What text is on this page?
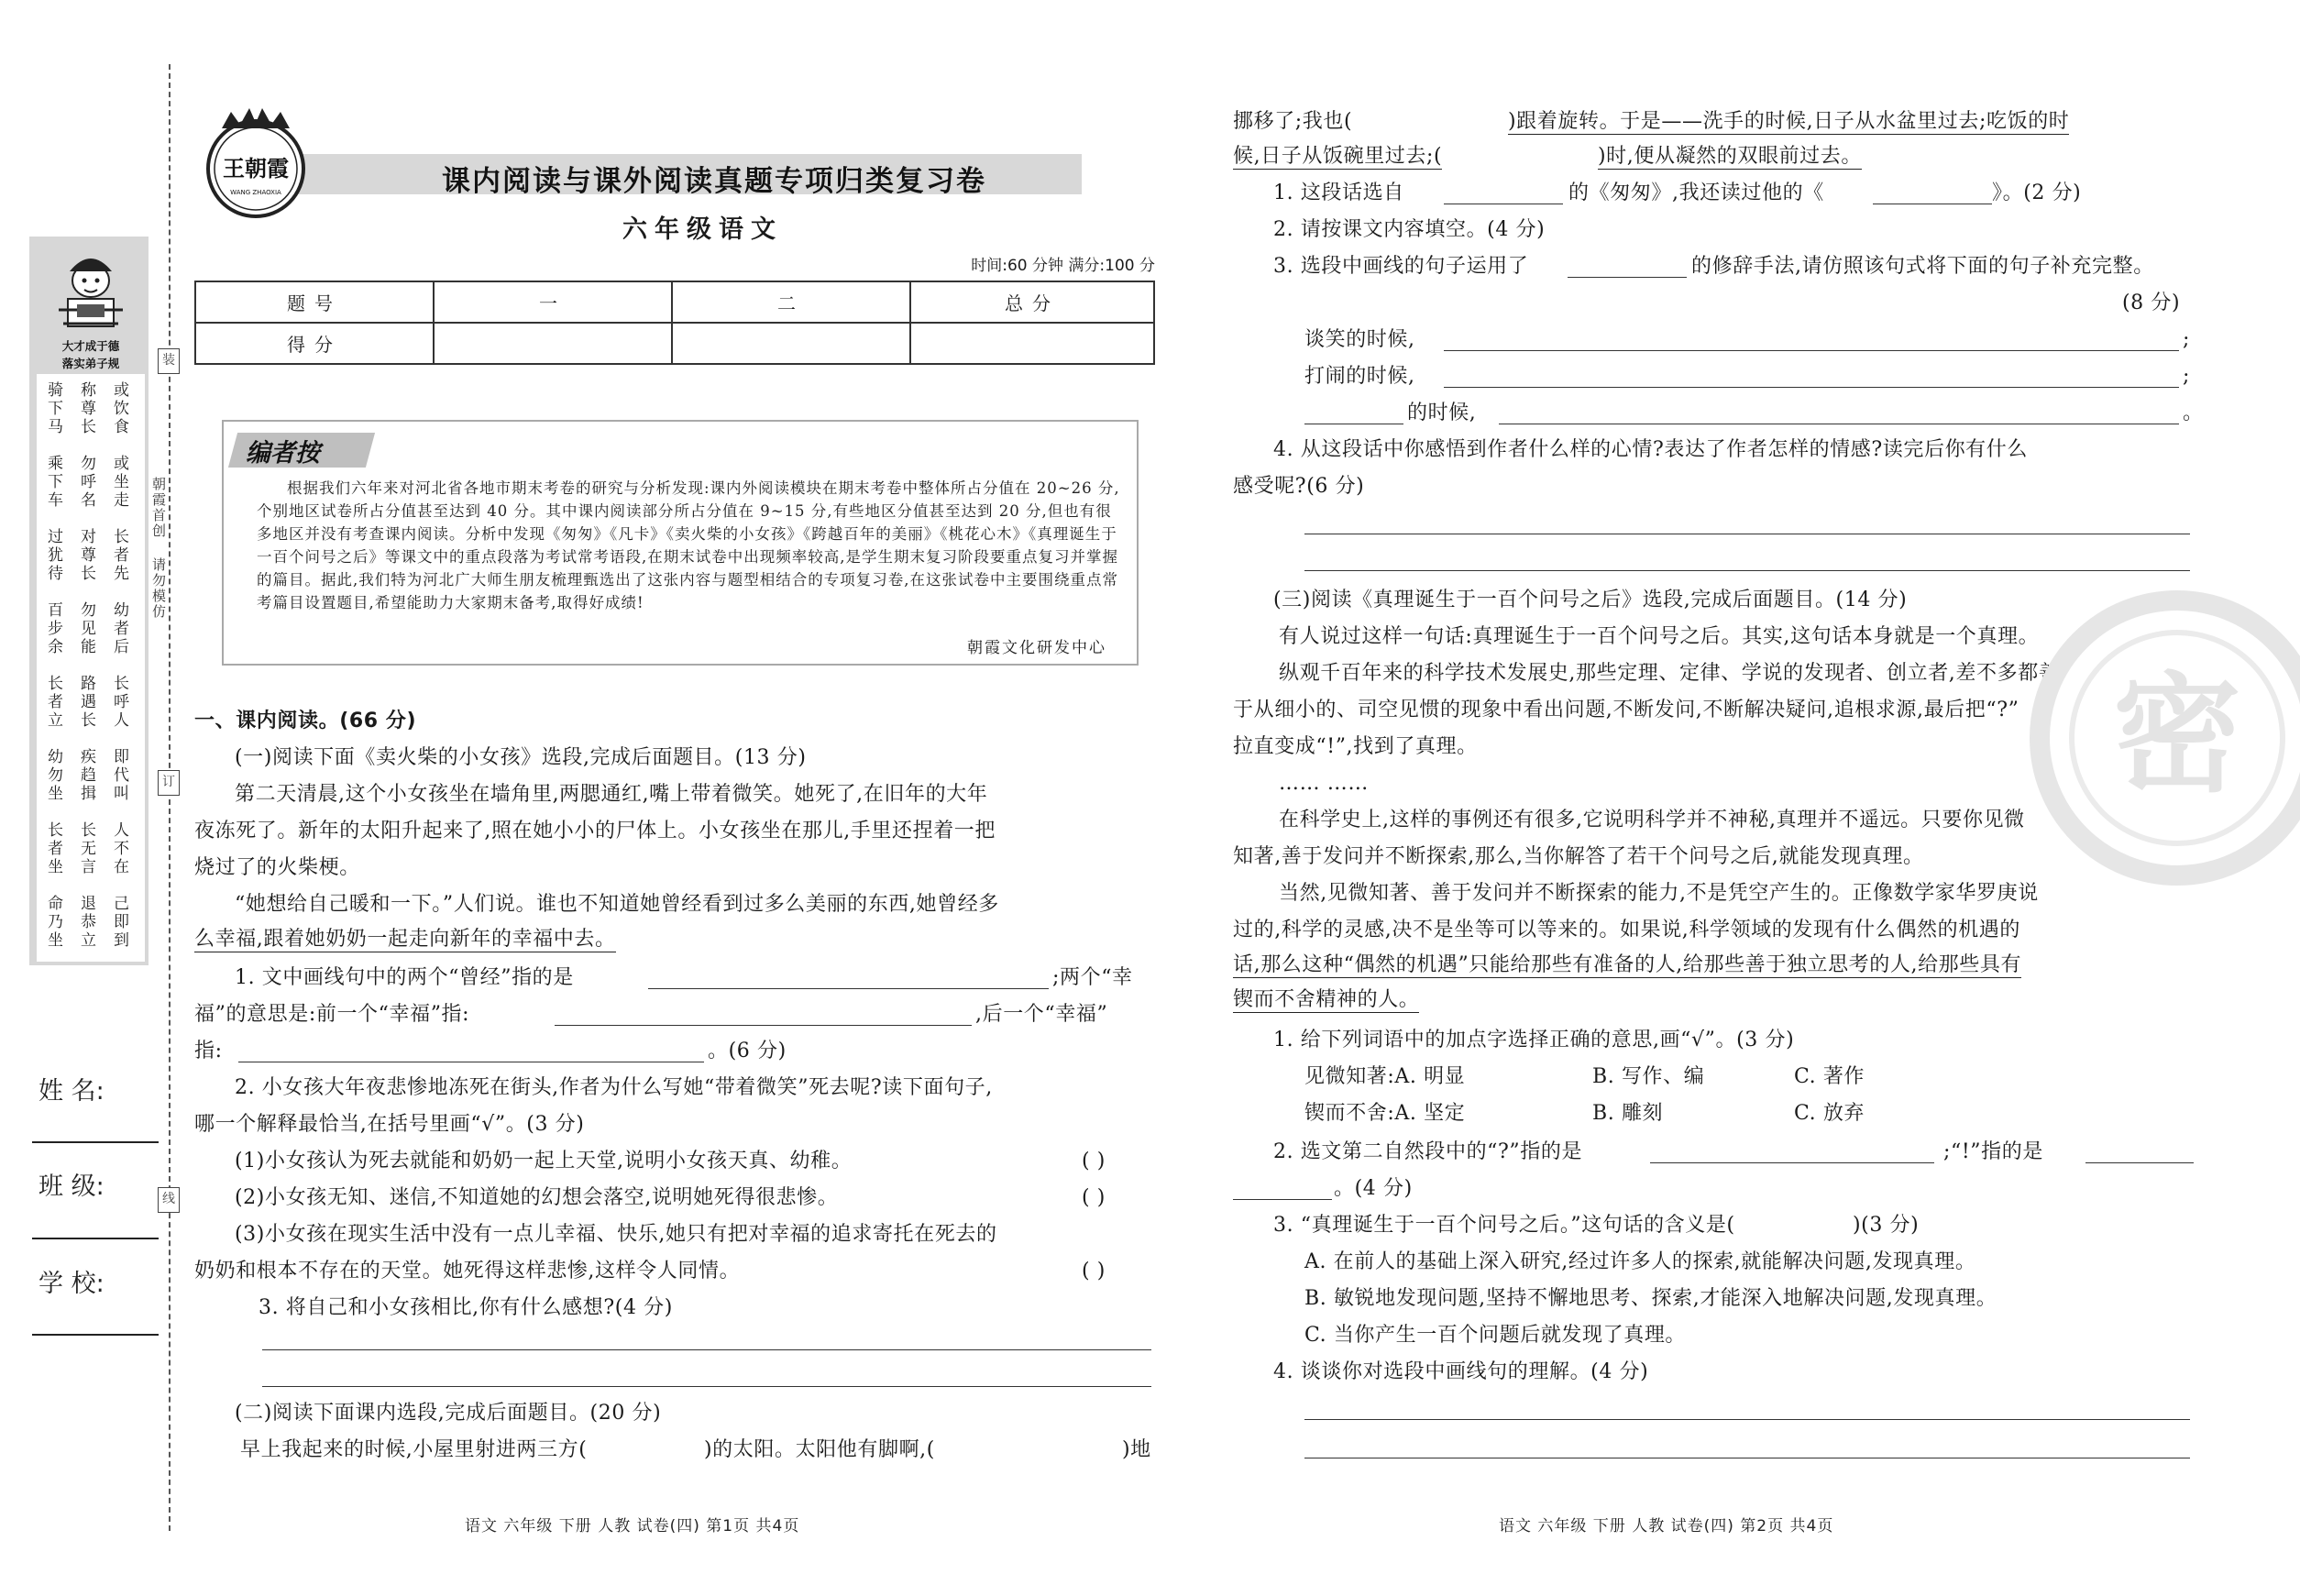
装
订
线
大才成于德
落实弟子规
或饮食
称尊长
骑下马
或坐走
勿呼名
乘下车
长者先
对尊长
过犹待
幼者后
勿见能
百步余
长呼人
路遇长
长者立
即代叫
疾趋揖
幼勿坐
人不在
长无言
长者坐
己即到
退恭立
命乃坐
朝霞首创 请勿模仿
姓 名:
班 级:
学 校:
王朝霞
WANG ZHAOXIA	课内阅读与课外阅读真题专项归类复习卷
六年级语文
时间:60 分钟 满分:100 分
题号	一	二	总分
得分			
编者按
根据我们六年来对河北省各地市期末考卷的研究与分析发现:课内外阅读模块在期末考卷中整体所占分值在 20~26 分,个别地区试卷所占分值甚至达到 40 分。其中课内阅读部分所占分值在 9~15 分,有些地区分值甚至达到 20 分,但也有很多地区并没有考查课内阅读。分析中发现《匆匆》《凡卡》《卖火柴的小女孩》《跨越百年的美丽》《桃花心木》《真理诞生于一百个问号之后》等课文中的重点段落为考试常考语段,在期末试卷中出现频率较高,是学生期末复习阶段要重点复习并掌握的篇目。据此,我们特为河北广大师生朋友梳理甄选出了这张内容与题型相结合的专项复习卷,在这张试卷中主要围绕重点常考篇目设置题目,希望能助力大家期末备考,取得好成绩!
朝霞文化研发中心
一、课内阅读。(66 分)
(一)阅读下面《卖火柴的小女孩》选段,完成后面题目。(13 分)
第二天清晨,这个小女孩坐在墙角里,两腮通红,嘴上带着微笑。她死了,在旧年的大年
夜冻死了。新年的太阳升起来了,照在她小小的尸体上。小女孩坐在那儿,手里还捏着一把
烧过了的火柴梗。
“她想给自己暖和一下。”人们说。谁也不知道她曾经看到过多么美丽的东西,她曾经多
么幸福,跟着她奶奶一起走向新年的幸福中去。
1. 文中画线句中的两个“曾经”指的是	;两个“幸
福”的意思是:前一个“幸福”指:	,后一个“幸福”
指:	。(6 分)
2. 小女孩大年夜悲惨地冻死在街头,作者为什么写她“带着微笑”死去呢?读下面句子,
哪一个解释最恰当,在括号里画“√”。(3 分)
(1)小女孩认为死去就能和奶奶一起上天堂,说明小女孩天真、幼稚。	( )
(2)小女孩无知、迷信,不知道她的幻想会落空,说明她死得很悲惨。	( )
(3)小女孩在现实生活中没有一点儿幸福、快乐,她只有把对幸福的追求寄托在死去的
奶奶和根本不存在的天堂。她死得这样悲惨,这样令人同情。	( )
3. 将自己和小女孩相比,你有什么感想?(4 分)
(二)阅读下面课内选段,完成后面题目。(20 分)
早上我起来的时候,小屋里射进两三方(	)的太阳。太阳他有脚啊,(	)地
语文 六年级 下册 人教 试卷(四) 第1页 共4页
挪移了;我也(	)跟着旋转。于是——洗手的时候,日子从水盆里过去;吃饭的时
候,日子从饭碗里过去;(	)时,便从凝然的双眼前过去。
1. 这段话选自	的《匆匆》,我还读过他的《	》。(2 分)
2. 请按课文内容填空。(4 分)
3. 选段中画线的句子运用了	的修辞手法,请仿照该句式将下面的句子补充完整。
(8 分)
谈笑的时候,	;
打闹的时候,	;
的时候,	。
4. 从这段话中你感悟到作者什么样的心情?表达了作者怎样的情感?读完后你有什么
感受呢?(6 分)
(三)阅读《真理诞生于一百个问号之后》选段,完成后面题目。(14 分)
有人说过这样一句话:真理诞生于一百个问号之后。其实,这句话本身就是一个真理。
纵观千百年来的科学技术发展史,那些定理、定律、学说的发现者、创立者,差不多都善
于从细小的、司空见惯的现象中看出问题,不断发问,不断解决疑问,追根求源,最后把“?”
拉直变成“!”,找到了真理。
…… ……
在科学史上,这样的事例还有很多,它说明科学并不神秘,真理并不遥远。只要你见微
知著,善于发问并不断探索,那么,当你解答了若干个问号之后,就能发现真理。
当然,见微知著、善于发问并不断探索的能力,不是凭空产生的。正像数学家华罗庚说
过的,科学的灵感,决不是坐等可以等来的。如果说,科学领域的发现有什么偶然的机遇的
话,那么这种“偶然的机遇”只能给那些有准备的人,给那些善于独立思考的人,给那些具有
锲而不舍精神的人。
1. 给下列词语中的加点字选择正确的意思,画“√”。(3 分)
见微知著:A. 明显	B. 写作、编	C. 著作
锲而不舍:A. 坚定	B. 雕刻	C. 放弃
2. 选文第二自然段中的“?”指的是	;“!”指的是
。(4 分)
3. “真理诞生于一百个问号之后。”这句话的含义是(	)(3 分)
A. 在前人的基础上深入研究,经过许多人的探索,就能解决问题,发现真理。
B. 敏锐地发现问题,坚持不懈地思考、探索,才能深入地解决问题,发现真理。
C. 当你产生一百个问题后就发现了真理。
4. 谈谈你对选段中画线句的理解。(4 分)
语文 六年级 下册 人教 试卷(四) 第2页 共4页
密
